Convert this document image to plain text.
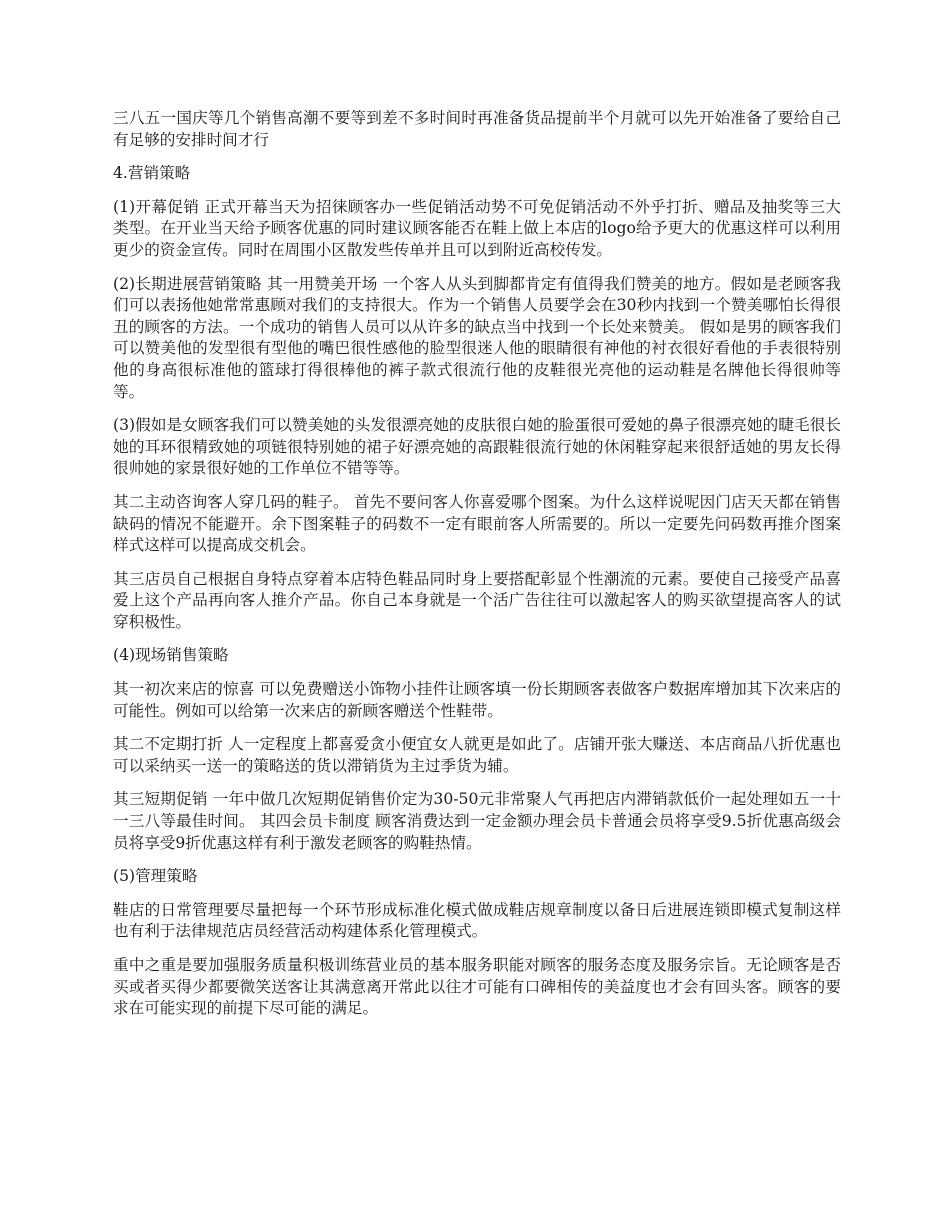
三八五一国庆等几个销售高潮不要等到差不多时间时再准备货品提前半个月就可以先开始准备了要给自己有足够的安排时间才行

4.营销策略

(1)开幕促销 正式开幕当天为招徕顾客办一些促销活动势不可免促销活动不外乎打折、赠品及抽奖等三大类型。在开业当天给予顾客优惠的同时建议顾客能否在鞋上做上本店的logo给予更大的优惠这样可以利用更少的资金宣传。同时在周围小区散发些传单并且可以到附近高校传发。

(2)长期进展营销策略 其一用赞美开场 一个客人从头到脚都肯定有值得我们赞美的地方。假如是老顾客我们可以表扬他她常常惠顾对我们的支持很大。作为一个销售人员要学会在30秒内找到一个赞美哪怕长得很丑的顾客的方法。一个成功的销售人员可以从许多的缺点当中找到一个长处来赞美。 假如是男的顾客我们可以赞美他的发型很有型他的嘴巴很性感他的脸型很迷人他的眼睛很有神他的衬衣很好看他的手表很特别他的身高很标准他的篮球打得很棒他的裤子款式很流行他的皮鞋很光亮他的运动鞋是名牌他长得很帅等等。

(3)假如是女顾客我们可以赞美她的头发很漂亮她的皮肤很白她的脸蛋很可爱她的鼻子很漂亮她的睫毛很长她的耳环很精致她的项链很特别她的裙子好漂亮她的高跟鞋很流行她的休闲鞋穿起来很舒适她的男友长得很帅她的家景很好她的工作单位不错等等。

其二主动咨询客人穿几码的鞋子。 首先不要问客人你喜爱哪个图案。为什么这样说呢因门店天天都在销售缺码的情况不能避开。余下图案鞋子的码数不一定有眼前客人所需要的。所以一定要先问码数再推介图案样式这样可以提高成交机会。

其三店员自己根据自身特点穿着本店特色鞋品同时身上要搭配彰显个性潮流的元素。要使自己接受产品喜爱上这个产品再向客人推介产品。你自己本身就是一个活广告往往可以激起客人的购买欲望提高客人的试穿积极性。

(4)现场销售策略

其一初次来店的惊喜 可以免费赠送小饰物小挂件让顾客填一份长期顾客表做客户数据库增加其下次来店的可能性。例如可以给第一次来店的新顾客赠送个性鞋带。

其二不定期打折 人一定程度上都喜爱贪小便宜女人就更是如此了。店铺开张大赚送、本店商品八折优惠也可以采纳买一送一的策略送的货以滞销货为主过季货为辅。

其三短期促销 一年中做几次短期促销售价定为30-50元非常聚人气再把店内滞销款低价一起处理如五一十一三八等最佳时间。 其四会员卡制度 顾客消费达到一定金额办理会员卡普通会员将享受9.5折优惠高级会员将享受9折优惠这样有利于激发老顾客的购鞋热情。

(5)管理策略

鞋店的日常管理要尽量把每一个环节形成标准化模式做成鞋店规章制度以备日后进展连锁即模式复制这样也有利于法律规范店员经营活动构建体系化管理模式。

重中之重是要加强服务质量积极训练营业员的基本服务职能对顾客的服务态度及服务宗旨。无论顾客是否买或者买得少都要微笑送客让其满意离开常此以往才可能有口碑相传的美益度也才会有回头客。顾客的要求在可能实现的前提下尽可能的满足。
